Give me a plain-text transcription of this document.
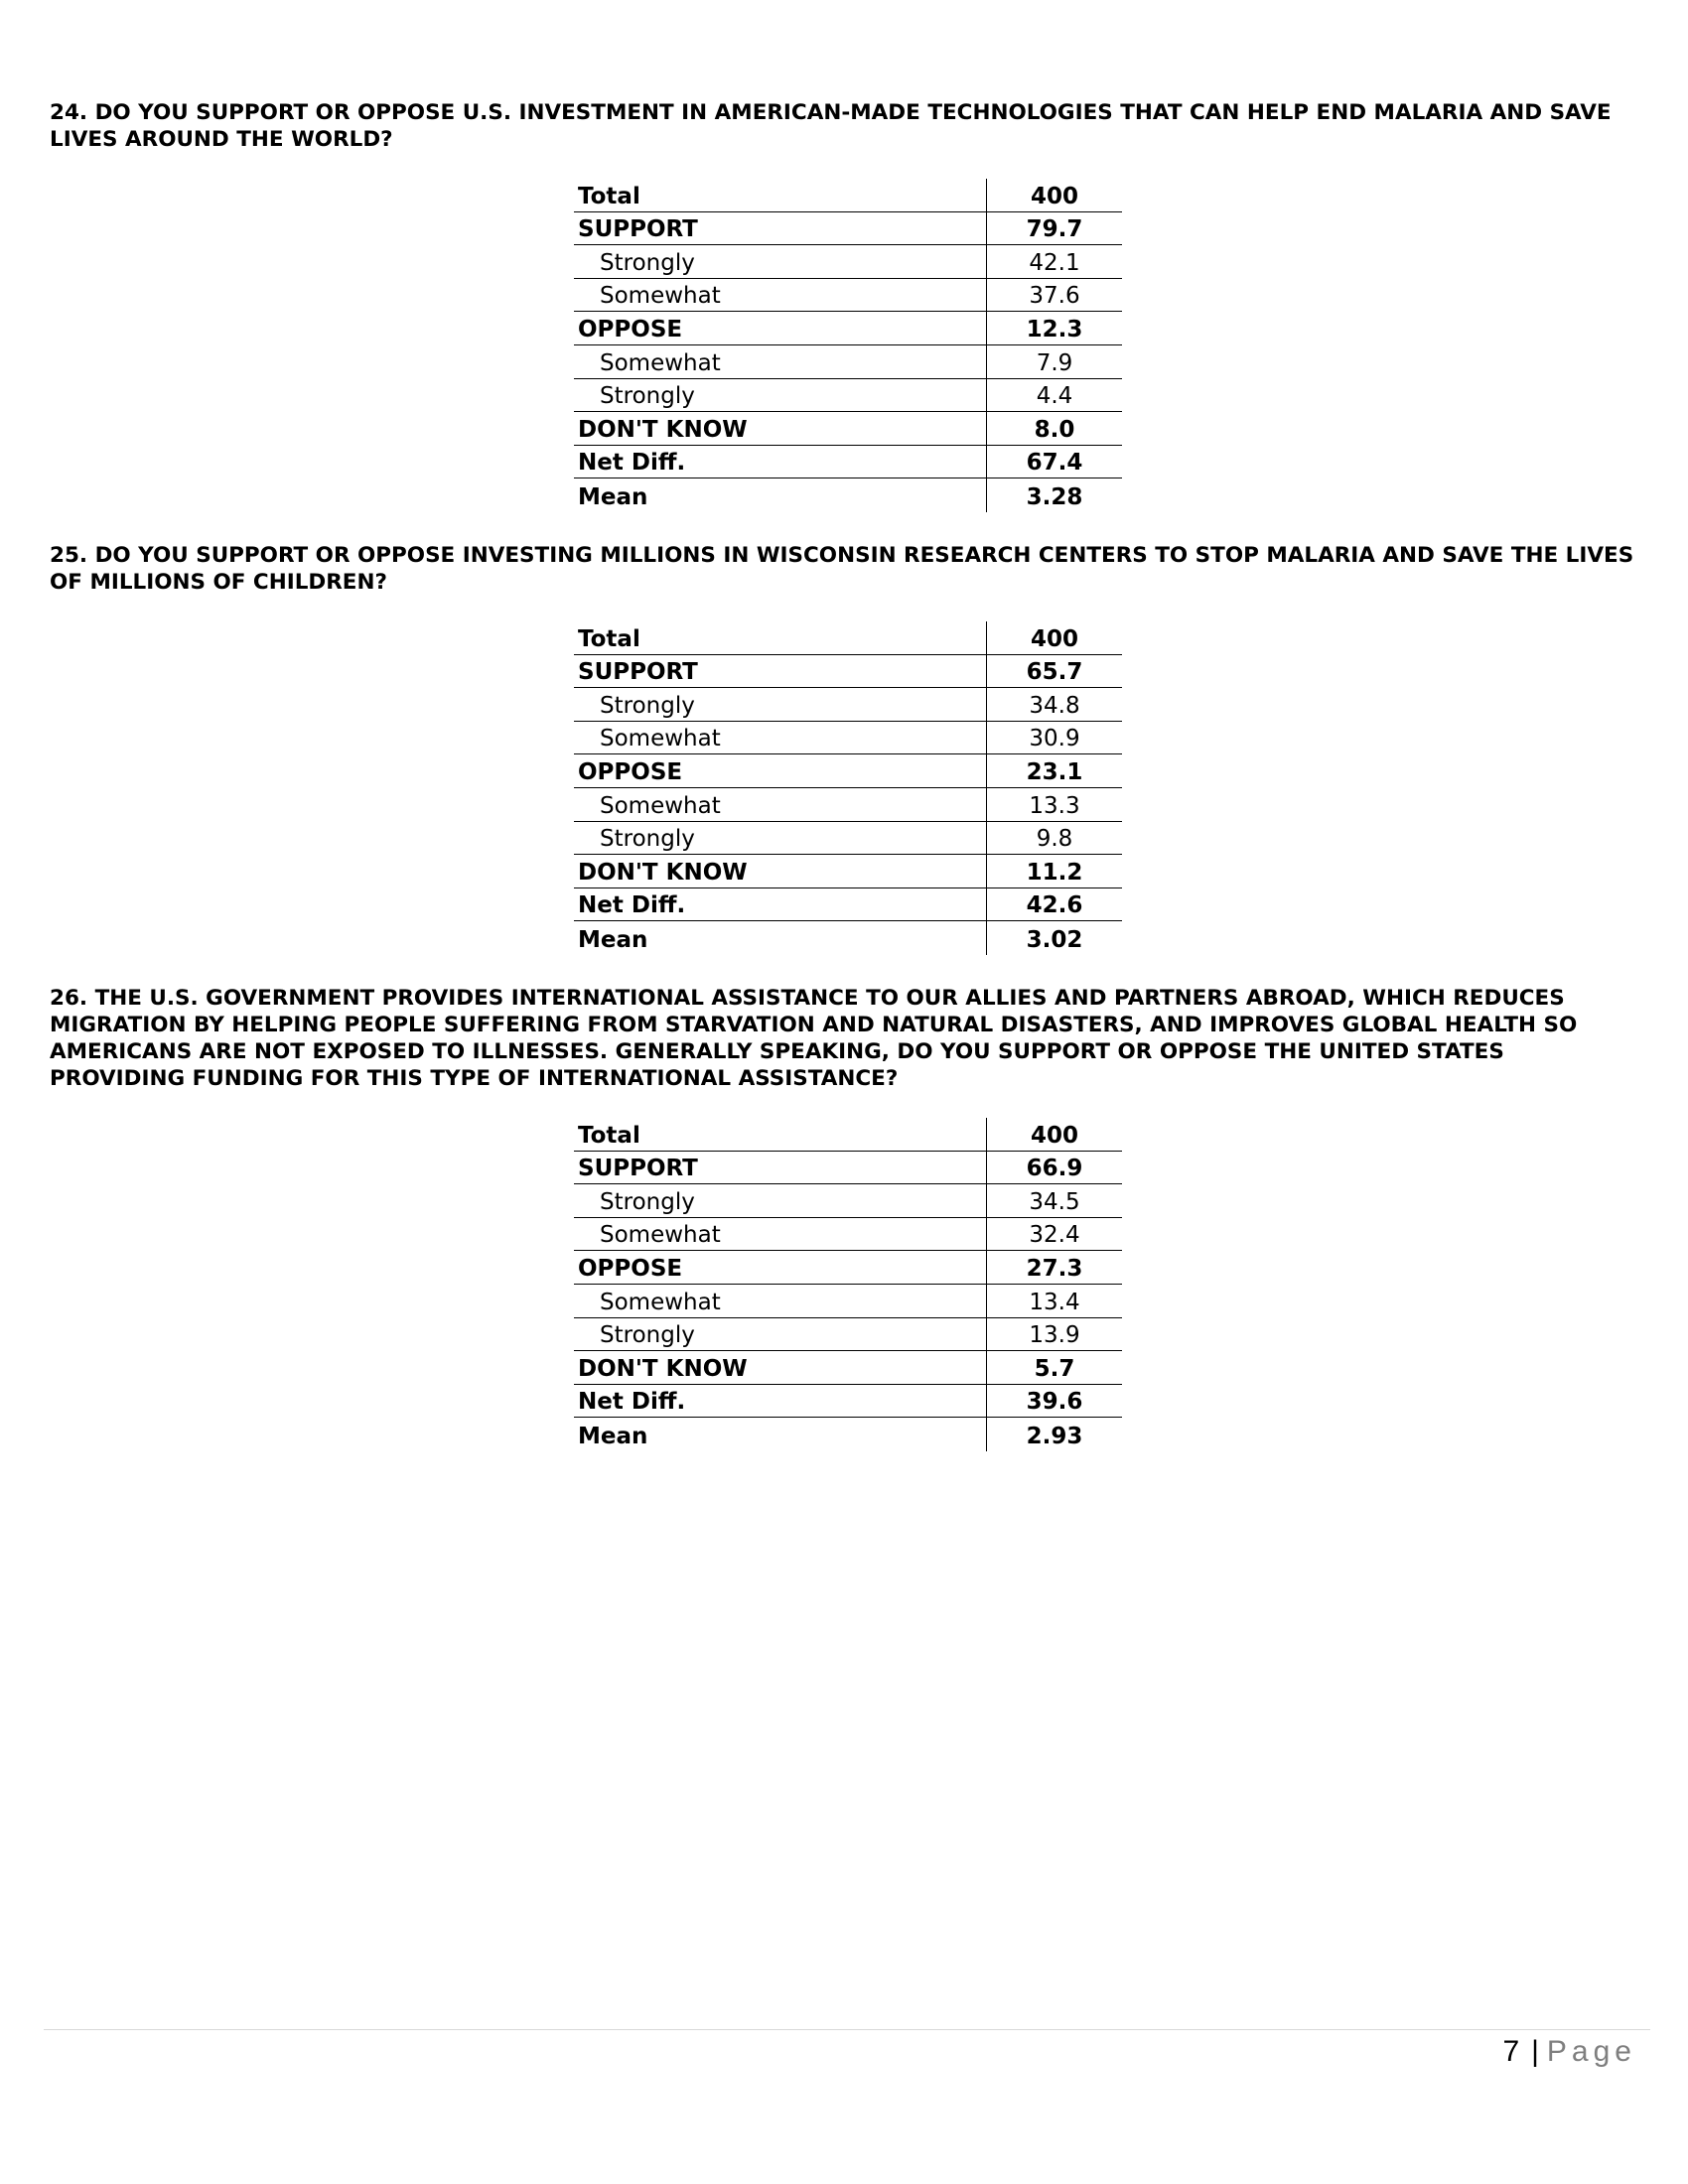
24. DO YOU SUPPORT OR OPPOSE U.S. INVESTMENT IN AMERICAN-MADE TECHNOLOGIES THAT CAN HELP END MALARIA AND SAVE LIVES AROUND THE WORLD?

Total	400
SUPPORT	79.7
Strongly	42.1
Somewhat	37.6
OPPOSE	12.3
Somewhat	7.9
Strongly	4.4
DON'T KNOW	8.0
Net Diff.	67.4
Mean	3.28

25. DO YOU SUPPORT OR OPPOSE INVESTING MILLIONS IN WISCONSIN RESEARCH CENTERS TO STOP MALARIA AND SAVE THE LIVES OF MILLIONS OF CHILDREN?

Total	400
SUPPORT	65.7
Strongly	34.8
Somewhat	30.9
OPPOSE	23.1
Somewhat	13.3
Strongly	9.8
DON'T KNOW	11.2
Net Diff.	42.6
Mean	3.02

26. THE U.S. GOVERNMENT PROVIDES INTERNATIONAL ASSISTANCE TO OUR ALLIES AND PARTNERS ABROAD, WHICH REDUCES MIGRATION BY HELPING PEOPLE SUFFERING FROM STARVATION AND NATURAL DISASTERS, AND IMPROVES GLOBAL HEALTH SO AMERICANS ARE NOT EXPOSED TO ILLNESSES. GENERALLY SPEAKING, DO YOU SUPPORT OR OPPOSE THE UNITED STATES PROVIDING FUNDING FOR THIS TYPE OF INTERNATIONAL ASSISTANCE?

Total	400
SUPPORT	66.9
Strongly	34.5
Somewhat	32.4
OPPOSE	27.3
Somewhat	13.4
Strongly	13.9
DON'T KNOW	5.7
Net Diff.	39.6
Mean	2.93
7 | Page
